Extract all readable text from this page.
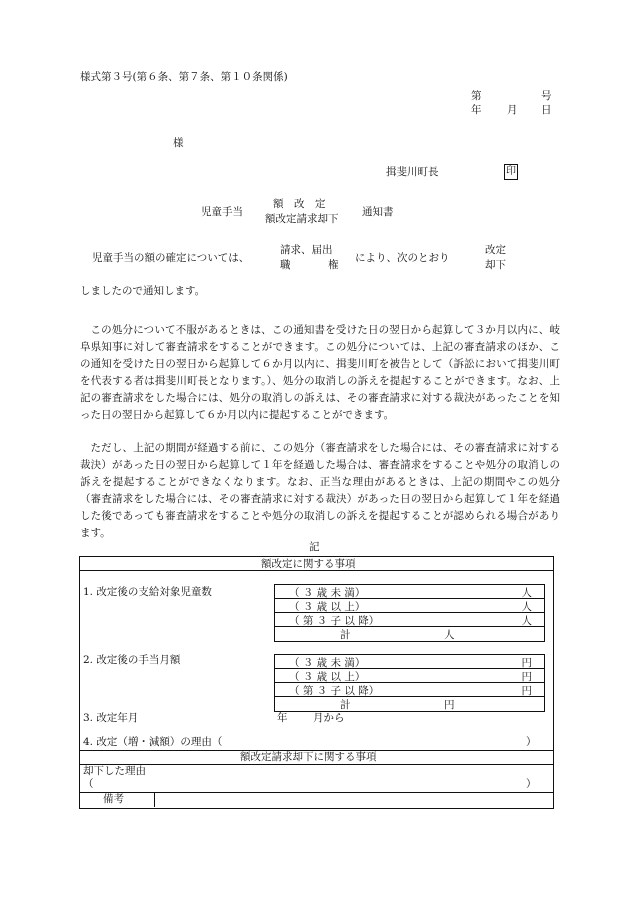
様式第３号(第６条、第７条、第１０条関係)
第	号
年 月 日
様
揖斐川町長	印
児童手当
額　改　定
額改定請求却下
通知書
児童手当の額の確定については、
請求、届出
職	権
により、次のとおり
改定
却下
しましたので通知します。
この処分について不服があるときは、この通知書を受けた日の翌日から起算して３か月以内に、岐阜県知事に対して審査請求をすることができます。この処分については、上記の審査請求のほか、この通知を受けた日の翌日から起算して６か月以内に、揖斐川町を被告として（訴訟において揖斐川町を代表する者は揖斐川町長となります。）、処分の取消しの訴えを提起することができます。なお、上記の審査請求をした場合には、処分の取消しの訴えは、その審査請求に対する裁決があったことを知った日の翌日から起算して６か月以内に提起することができます。
ただし、上記の期間が経過する前に、この処分（審査請求をした場合には、その審査請求に対する裁決）があった日の翌日から起算して１年を経過した場合は、審査請求をすることや処分の取消しの訴えを提起することができなくなります。なお、正当な理由があるときは、上記の期間やこの処分（審査請求をした場合には、その審査請求に対する裁決）があった日の翌日から起算して１年を経過した後であっても審査請求をすることや処分の取消しの訴えを提起することが認められる場合があります。
記
額改定に関する事項
1. 改定後の支給対象児童数	（ ３ 歳 未 満）	人
（ ３ 歳 以 上）	人
（ 第 ３ 子 以 降）	人
計	人
2. 改定後の手当月額	（ ３ 歳 未 満）	円
（ ３ 歳 以 上）	円
（ 第 ３ 子 以 降）	円
計	円
3. 改定年月	年 月から
4. 改定（増・減額）の理由（	）
額改定請求却下に関する事項
却下した理由
（	）
備考
